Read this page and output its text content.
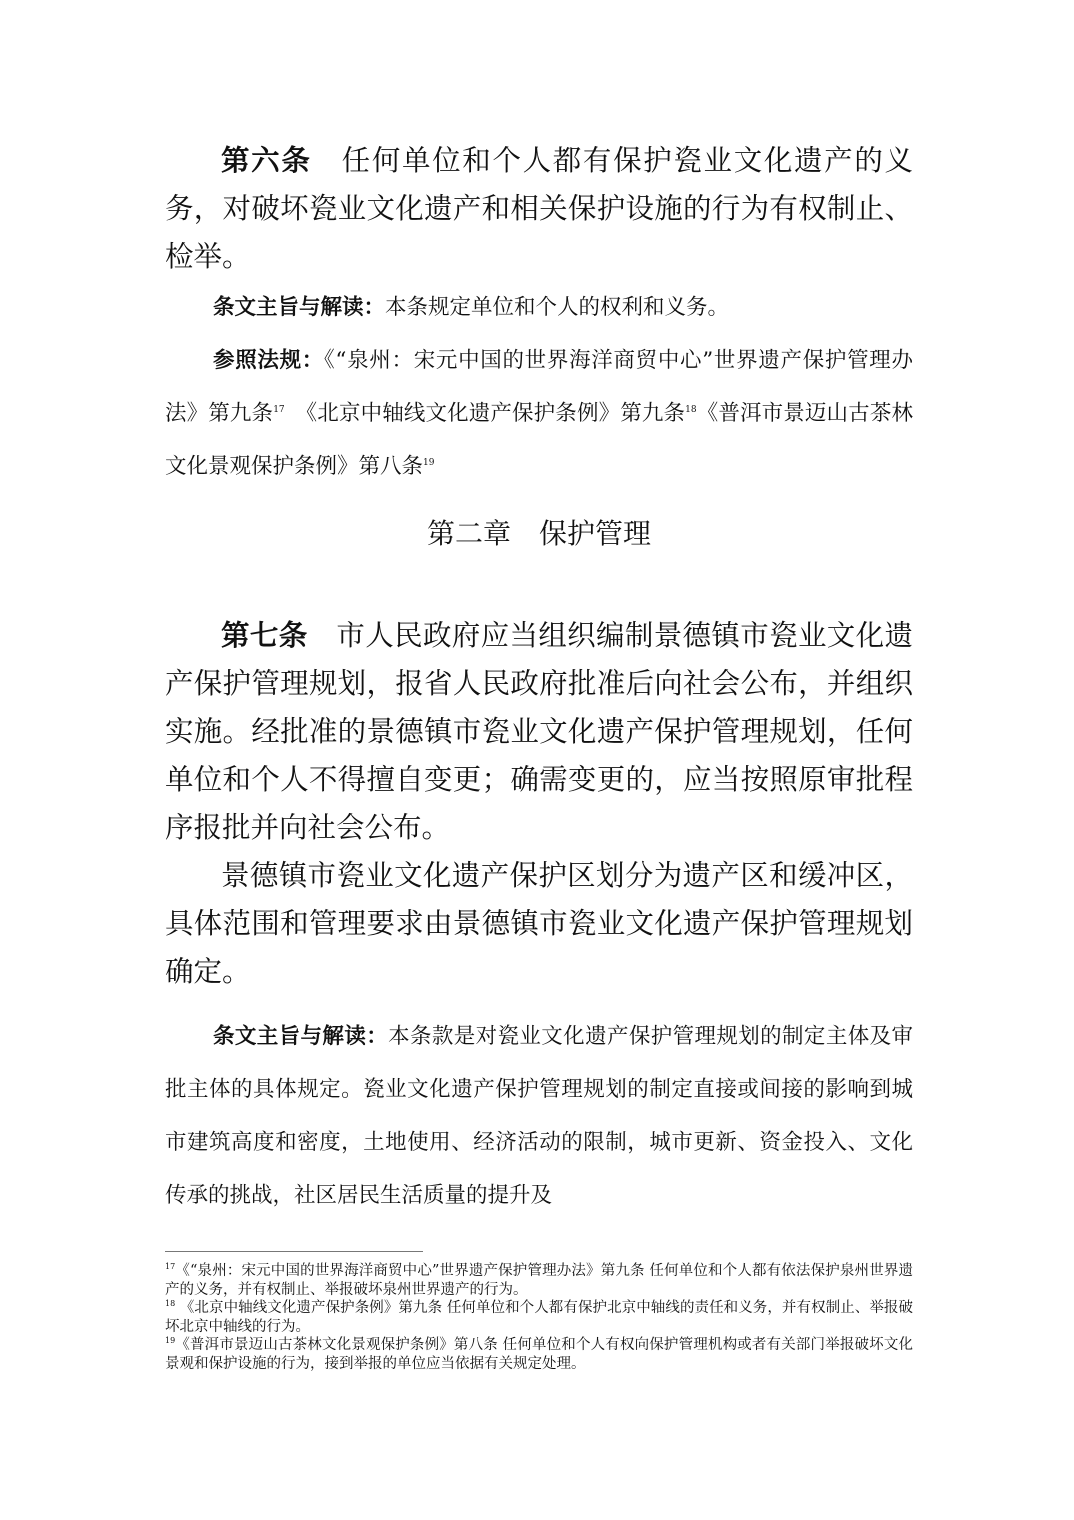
第六条　 任何单位和个人都有保护瓷业文化遗产的义务，对破坏瓷业文化遗产和相关保护设施的行为有权制止、检举。

条文主旨与解读：本条规定单位和个人的权利和义务。

参照法规：《“泉州：宋元中国的世界海洋商贸中心”世界遗产保护管理办法》第九条$^{17}$　 《北京中轴线文化遗产保护条例》第九条$^{18}$《普洱市景迈山古茶林文化景观保护条例》第八条$^{19}$

第二章　保护管理

第七条　 市人民政府应当组织编制景德镇市瓷业文化遗产保护管理规划，报省人民政府批准后向社会公布，并组织实施。经批准的景德镇市瓷业文化遗产保护管理规划，任何单位和个人不得擅自变更；确需变更的，应当按照原审批程序报批并向社会公布。

景德镇市瓷业文化遗产保护区划分为遗产区和缓冲区，具体范围和管理要求由景德镇市瓷业文化遗产保护管理规划确定。

条文主旨与解读：本条款是对瓷业文化遗产保护管理规划的制定主体及审批主体的具体规定。瓷业文化遗产保护管理规划的制定直接或间接的影响到城市建筑高度和密度，土地使用、经济活动的限制，城市更新、资金投入、文化传承的挑战，社区居民生活质量的提升及

$^{17}$《“泉州：宋元中国的世界海洋商贸中心”世界遗产保护管理办法》第九条 任何单位和个人都有依法保护泉州世界遗产的义务，并有权制止、举报破坏泉州世界遗产的行为。

$^{18}$ 《北京中轴线文化遗产保护条例》第九条 任何单位和个人都有保护北京中轴线的责任和义务，并有权制止、举报破坏北京中轴线的行为。

$^{19}$《普洱市景迈山古茶林文化景观保护条例》第八条 任何单位和个人有权向保护管理机构或者有关部门举报破坏文化景观和保护设施的行为，接到举报的单位应当依据有关规定处理。
